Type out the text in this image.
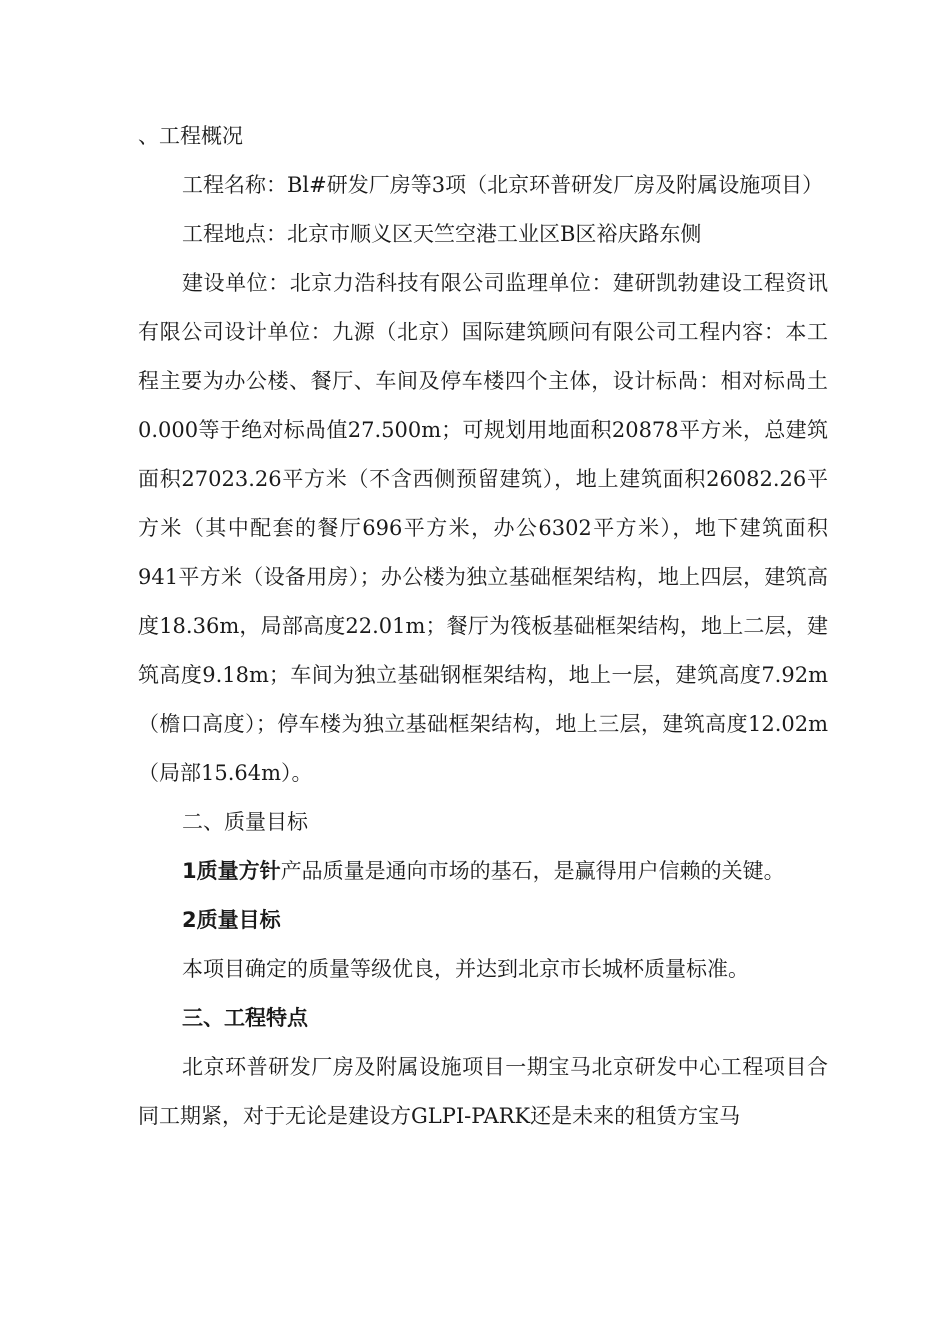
、工程概况

工程名称：Bl#研发厂房等3项（北京环普研发厂房及附属设施项目）

工程地点：北京市顺义区天竺空港工业区B区裕庆路东侧

建设单位：北京力浩科技有限公司监理单位：建研凯勃建设工程资讯有限公司设计单位：九源（北京）国际建筑顾问有限公司工程内容：本工程主要为办公楼、餐厅、车间及停车楼四个主体，设计标咼：相对标咼土0.000等于绝对标咼值27.500m；可规划用地面积20878平方米，总建筑面积27023.26平方米（不含西侧预留建筑），地上建筑面积26082.26平方米（其中配套的餐厅696平方米，办公6302平方米），地下建筑面积941平方米（设备用房）；办公楼为独立基础框架结构，地上四层，建筑高度18.36m，局部高度22.01m；餐厅为筏板基础框架结构，地上二层，建筑高度9.18m；车间为独立基础钢框架结构，地上一层，建筑高度7.92m（檐口高度）；停车楼为独立基础框架结构，地上三层，建筑高度12.02m（局部15.64m）。

二、质量目标

1质量方针产品质量是通向市场的基石，是赢得用户信赖的关键。

2质量目标

本项目确定的质量等级优良，并达到北京市长城杯质量标准。

三、工程特点

北京环普研发厂房及附属设施项目一期宝马北京研发中心工程项目合同工期紧，对于无论是建设方GLPI-PARK还是未来的租赁方宝马
